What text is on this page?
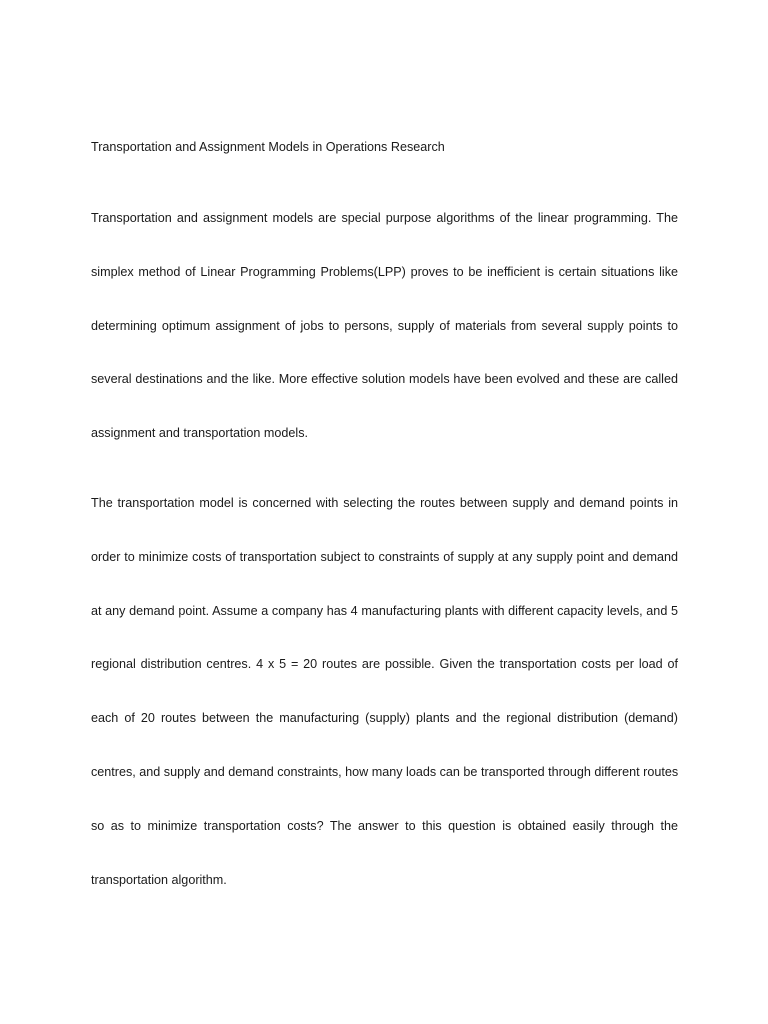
Transportation and Assignment Models in Operations Research
Transportation and assignment models are special purpose algorithms of the linear programming. The
simplex method of Linear Programming Problems(LPP) proves to be inefficient is certain situations like
determining optimum assignment of jobs to persons, supply of materials from several supply points to
several destinations and the like. More effective solution models have been evolved and these are called
assignment and transportation models.
The transportation model is concerned with selecting the routes between supply and demand points in
order to minimize costs of transportation subject to constraints of supply at any supply point and demand
at any demand point. Assume a company has 4 manufacturing plants with different capacity levels, and 5
regional distribution centres. 4 x 5 = 20 routes are possible. Given the transportation costs per load of
each of 20 routes between the manufacturing (supply) plants and the regional distribution (demand)
centres, and supply and demand constraints, how many loads can be transported through different routes
so as to minimize transportation costs? The answer to this question is obtained easily through the
transportation algorithm.
